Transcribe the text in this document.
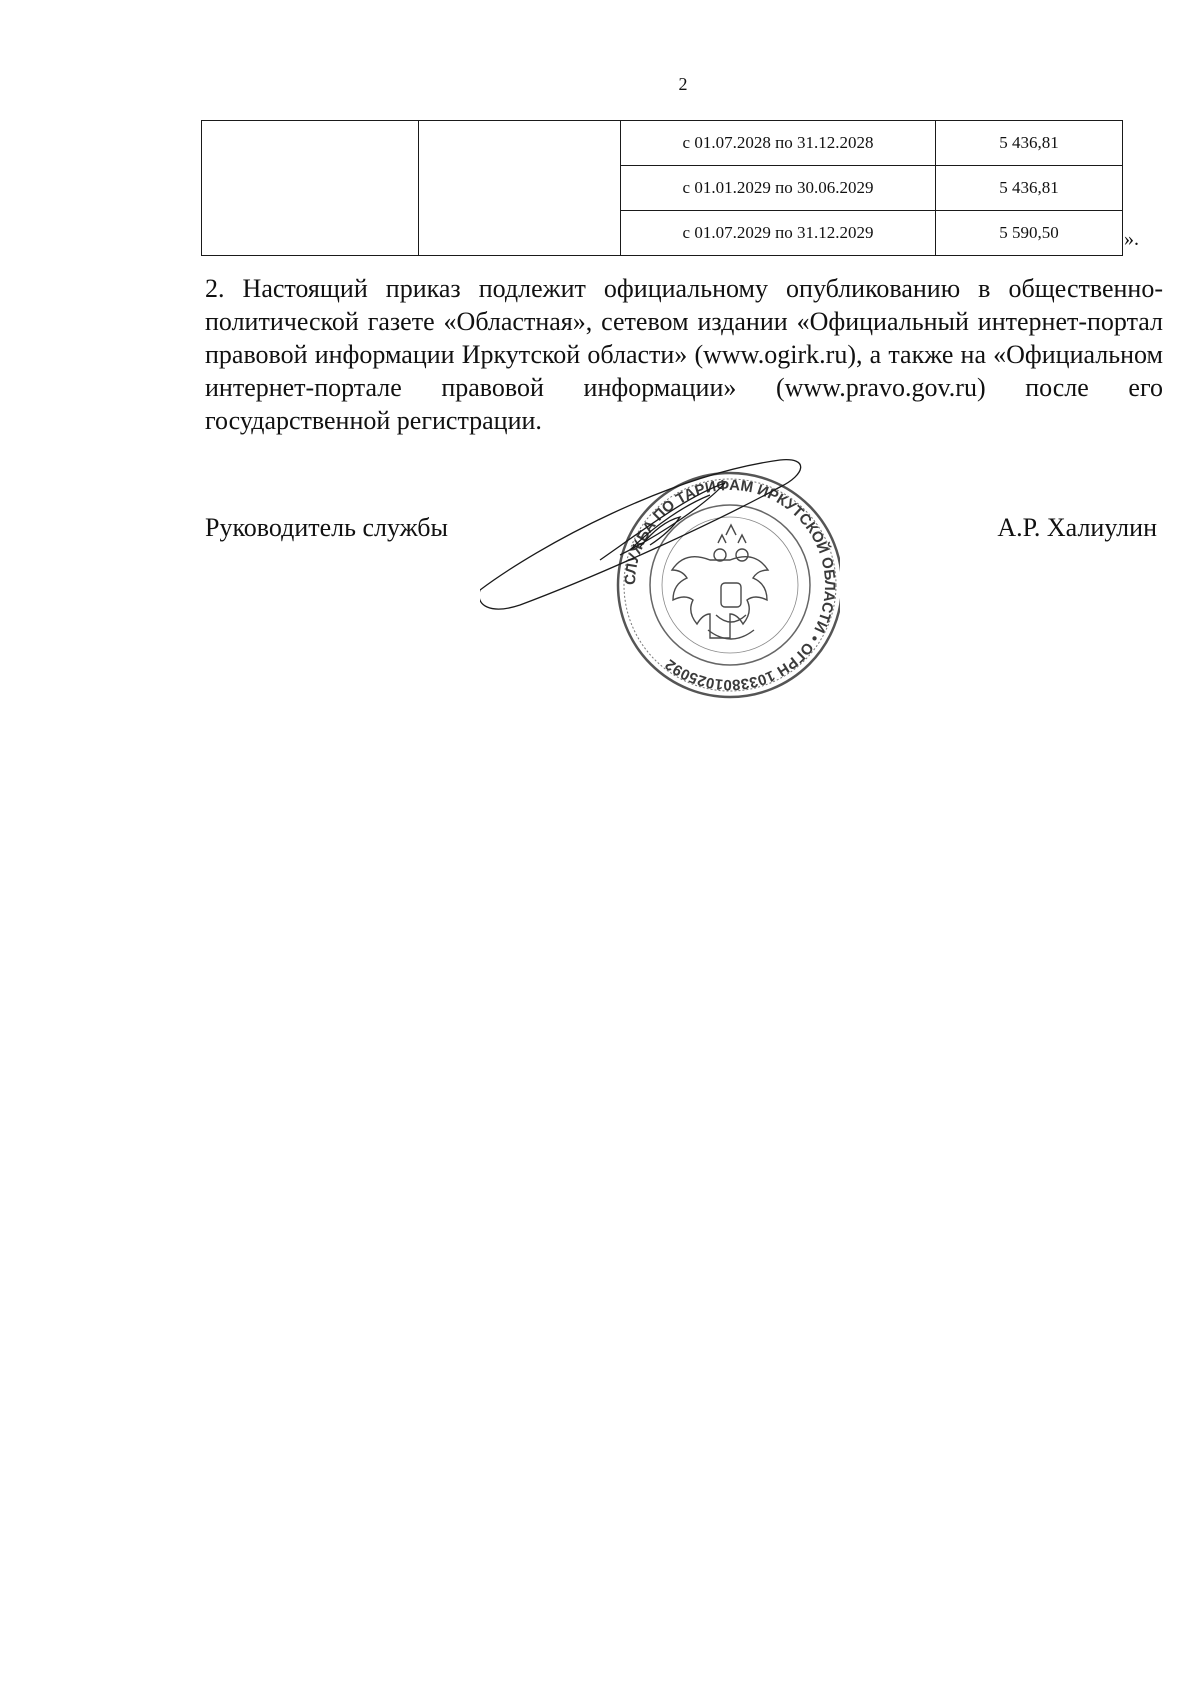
2
		с 01.07.2028 по 31.12.2028	5 436,81
		с 01.01.2029 по 30.06.2029	5 436,81
		с 01.07.2029 по 31.12.2029	5 590,50	».

2. Настоящий приказ подлежит официальному опубликованию в общественно-политической газете «Областная», сетевом издании «Официальный интернет-портал правовой информации Иркутской области» (www.ogirk.ru), а также на «Официальном интернет-портале правовой информации» (www.pravo.gov.ru) после его государственной регистрации.

Руководитель службы	А.Р. Халиулин
СЛУЖБА ПО ТАРИФАМ ИРКУТСКОЙ ОБЛАСТИ • ОГРН 1033801025092
